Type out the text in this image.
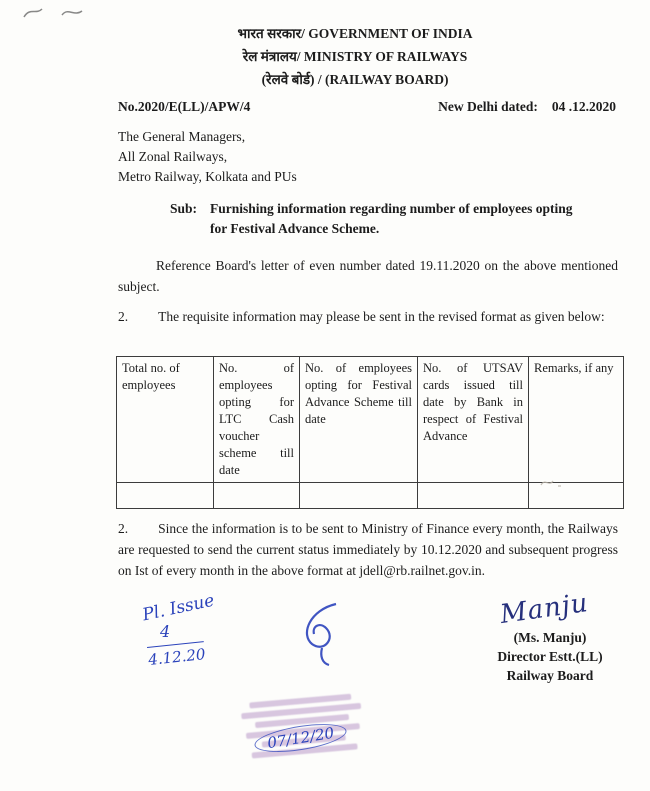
भारत सरकार/ GOVERNMENT OF INDIA
रेल मंत्रालय/ MINISTRY OF RAILWAYS
(रेलवे बोर्ड) / (RAILWAY BOARD)
No.2020/E(LL)/APW/4	New Delhi dated: 04 .12.2020
The General Managers,
All Zonal Railways,
Metro Railway, Kolkata and PUs
Sub: Furnishing information regarding number of employees opting for Festival Advance Scheme.

Reference Board's letter of even number dated 19.11.2020 on the above mentioned subject.

2. The requisite information may please be sent in the revised format as given below:

Total no. of employees	No. of employees opting for LTC Cash voucher scheme till date	No. of employees opting for Festival Advance Scheme till date	No. of UTSAV cards issued till date by Bank in respect of Festival Advance	Remarks, if any

2. Since the information is to be sent to Ministry of Finance every month, the Railways are requested to send the current status immediately by 10.12.2020 and subsequent progress on Ist of every month in the above format at jdell@rb.railnet.gov.in.

Pl. Issue
4
4.12.20
Manju
(Ms. Manju)
Director Estt.(LL)
Railway Board
07/12/20
